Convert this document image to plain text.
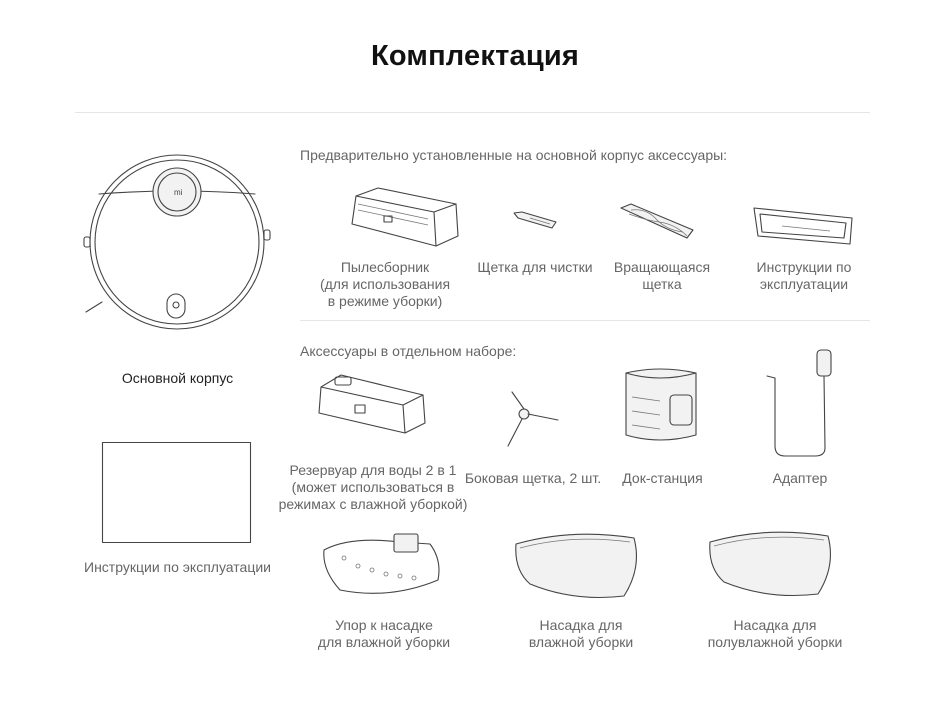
Комплектация
mi
Основной корпус
Инструкции по эксплуатации
Предварительно установленные на основной корпус аксессуары:
Пылесборник
(для использования
в режиме уборки)
Щетка для чистки	Вращающаяся
щетка
Инструкции по
эксплуатации
Аксессуары в отдельном наборе:
Резервуар для воды 2 в 1
(может использоваться в
режимах с влажной уборкой)
Боковая щетка, 2 шт.	Док-станция	Адаптер
Упор к насадке
для влажной уборки
Насадка для
влажной уборки
Насадка для
полувлажной уборки
